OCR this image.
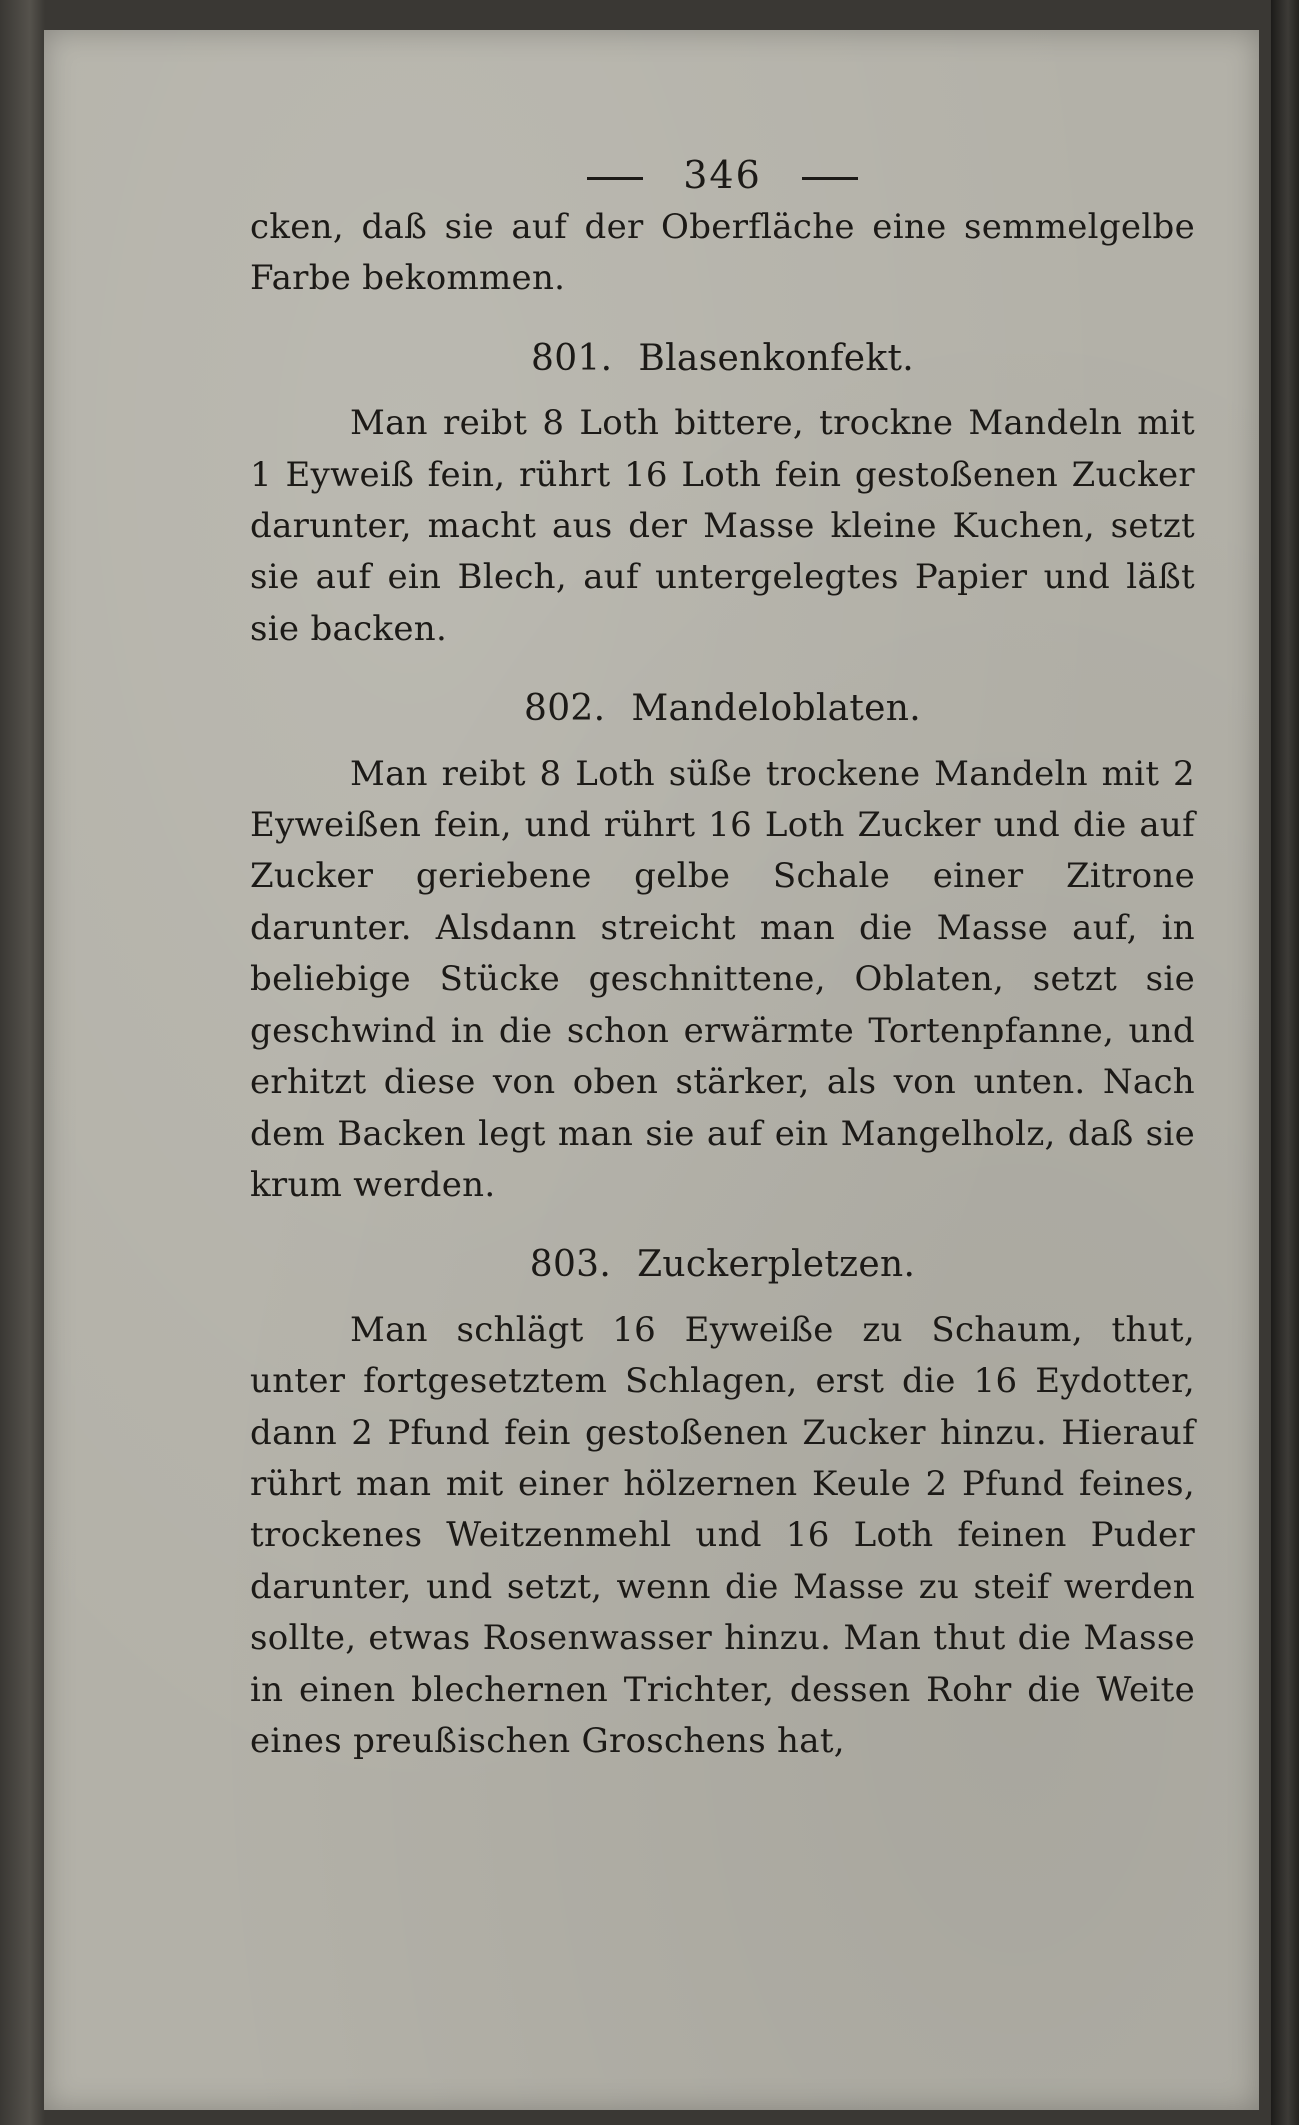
346

cken, daß sie auf der Oberfläche eine semmelgelbe Farbe bekommen.

801. Blasenkonfekt.

Man reibt 8 Loth bittere, trockne Mandeln mit 1 Eyweiß fein, rührt 16 Loth fein gestoßenen Zucker darunter, macht aus der Masse kleine Kuchen, setzt sie auf ein Blech, auf untergelegtes Papier und läßt sie backen.

802. Mandeloblaten.

Man reibt 8 Loth süße trockene Mandeln mit 2 Eyweißen fein, und rührt 16 Loth Zucker und die auf Zucker geriebene gelbe Schale einer Zitrone darunter. Alsdann streicht man die Masse auf, in beliebige Stücke geschnittene, Oblaten, setzt sie geschwind in die schon erwärmte Tortenpfanne, und erhitzt diese von oben stärker, als von unten. Nach dem Backen legt man sie auf ein Mangelholz, daß sie krum werden.

803. Zuckerpletzen.

Man schlägt 16 Eyweiße zu Schaum, thut, unter fortgesetztem Schlagen, erst die 16 Eydotter, dann 2 Pfund fein gestoßenen Zucker hinzu. Hierauf rührt man mit einer hölzernen Keule 2 Pfund feines, trockenes Weitzenmehl und 16 Loth feinen Puder darunter, und setzt, wenn die Masse zu steif werden sollte, etwas Rosenwasser hinzu. Man thut die Masse in einen blechernen Trichter, dessen Rohr die Weite eines preußischen Groschens hat,
